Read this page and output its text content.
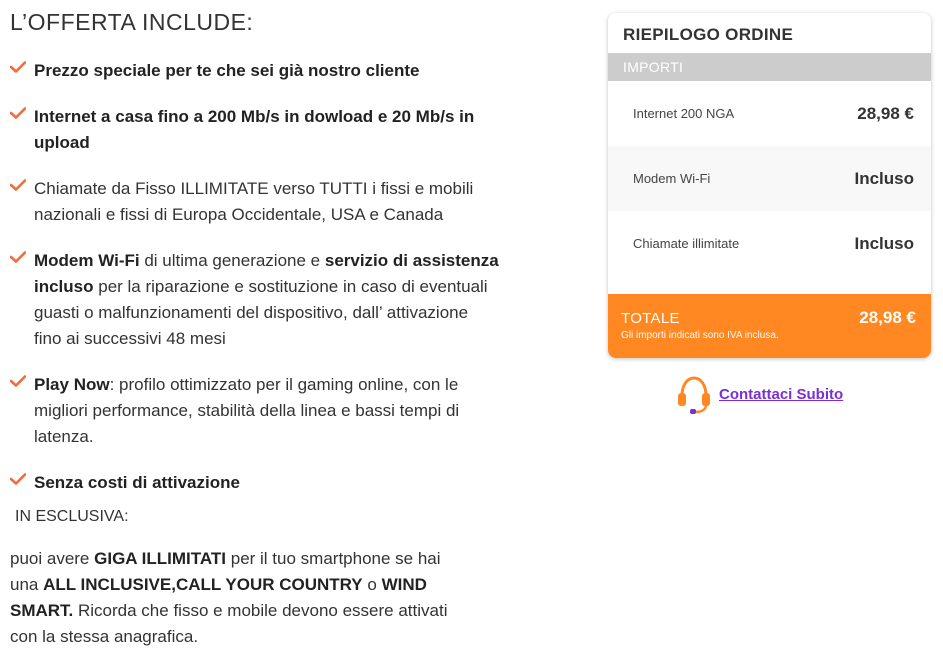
L’OFFERTA INCLUDE:
Prezzo speciale per te che sei già nostro cliente
Internet a casa fino a 200 Mb/s in dowload e 20 Mb/s in upload
Chiamate da Fisso ILLIMITATE verso TUTTI i fissi e mobili nazionali e fissi di Europa Occidentale, USA e Canada
Modem Wi-Fi di ultima generazione e servizio di assistenza incluso per la riparazione e sostituzione in caso di eventuali guasti o malfunzionamenti del dispositivo, dall’ attivazione fino ai successivi 48 mesi
Play Now: profilo ottimizzato per il gaming online, con le migliori performance, stabilità della linea e bassi tempi di latenza.
Senza costi di attivazione
IN ESCLUSIVA:
puoi avere GIGA ILLIMITATI per il tuo smartphone se hai una ALL INCLUSIVE,CALL YOUR COUNTRY o WIND SMART. Ricorda che fisso e mobile devono essere attivati con la stessa anagrafica.
RIEPILOGO ORDINE
IMPORTI
Internet 200 NGA	28,98 €
Modem Wi-Fi	Incluso
Chiamate illimitate	Incluso
TOTALE	28,98 €
Gli importi indicati sono IVA inclusa.
Contattaci Subito
